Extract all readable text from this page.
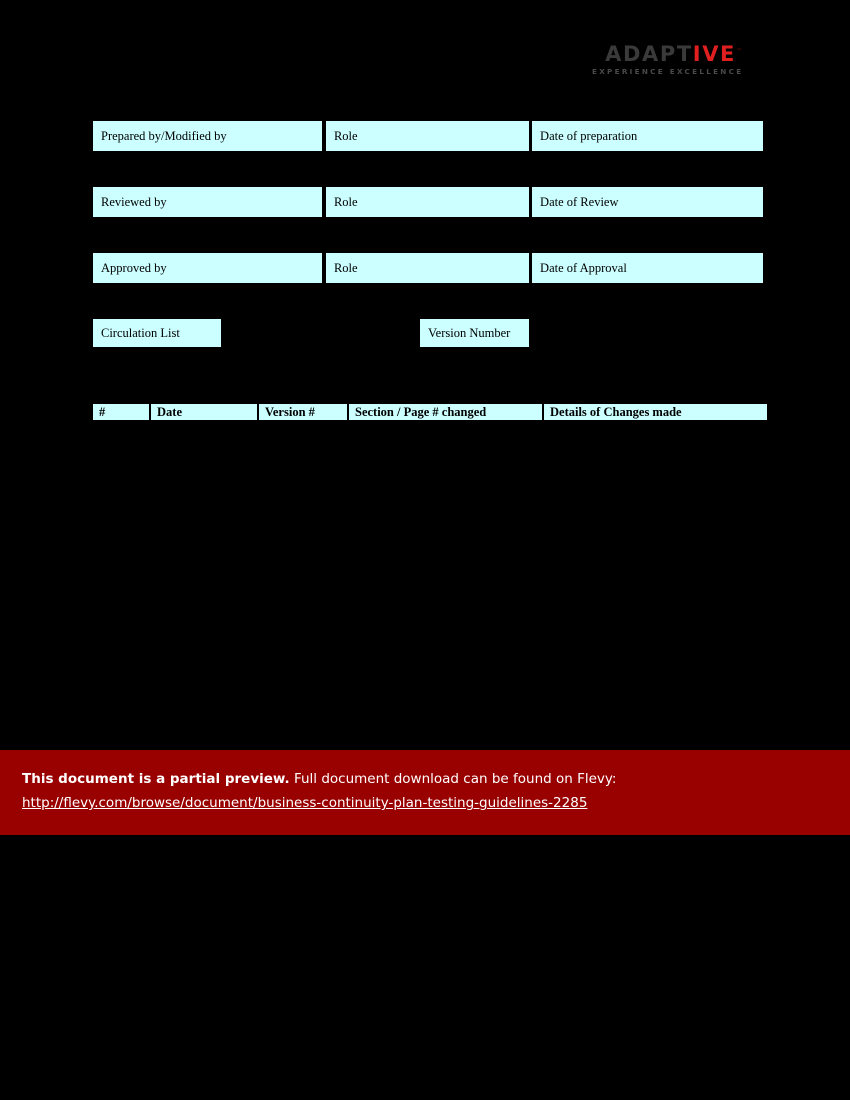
ADAPTIVE™
EXPERIENCE EXCELLENCE
Prepared by/Modified by	Role	Date of preparation
Reviewed by	Role	Date of Review
Approved by	Role	Date of Approval
Circulation List	Version Number
#	Date	Version #	Section / Page # changed	Details of Changes made
This document is a partial preview. Full document download can be found on Flevy:
http://flevy.com/browse/document/business-continuity-plan-testing-guidelines-2285
